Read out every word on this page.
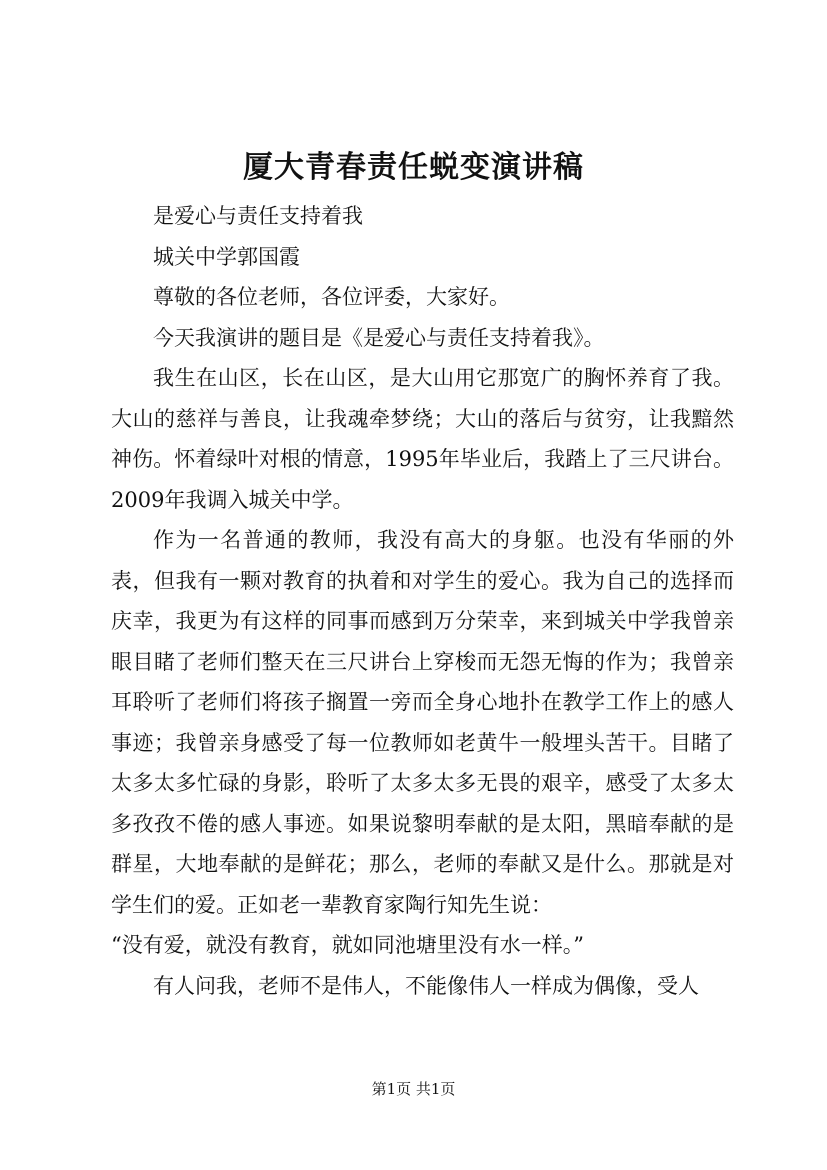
厦大青春责任蜕变演讲稿

是爱心与责任支持着我

城关中学郭国霞

尊敬的各位老师，各位评委，大家好。

今天我演讲的题目是《是爱心与责任支持着我》。

我生在山区，长在山区，是大山用它那宽广的胸怀养育了我。大山的慈祥与善良，让我魂牵梦绕；大山的落后与贫穷，让我黯然神伤。怀着绿叶对根的情意，1995年毕业后，我踏上了三尺讲台。2009年我调入城关中学。

作为一名普通的教师，我没有高大的身躯。也没有华丽的外表，但我有一颗对教育的执着和对学生的爱心。我为自己的选择而庆幸，我更为有这样的同事而感到万分荣幸，来到城关中学我曾亲眼目睹了老师们整天在三尺讲台上穿梭而无怨无悔的作为；我曾亲耳聆听了老师们将孩子搁置一旁而全身心地扑在教学工作上的感人事迹；我曾亲身感受了每一位教师如老黄牛一般埋头苦干。目睹了太多太多忙碌的身影，聆听了太多太多无畏的艰辛，感受了太多太多孜孜不倦的感人事迹。如果说黎明奉献的是太阳，黑暗奉献的是群星，大地奉献的是鲜花；那么，老师的奉献又是什么。那就是对学生们的爱。正如老一辈教育家陶行知先生说：

“没有爱，就没有教育，就如同池塘里没有水一样。”

有人问我，老师不是伟人，不能像伟人一样成为偶像，受人

第1页 共1页
